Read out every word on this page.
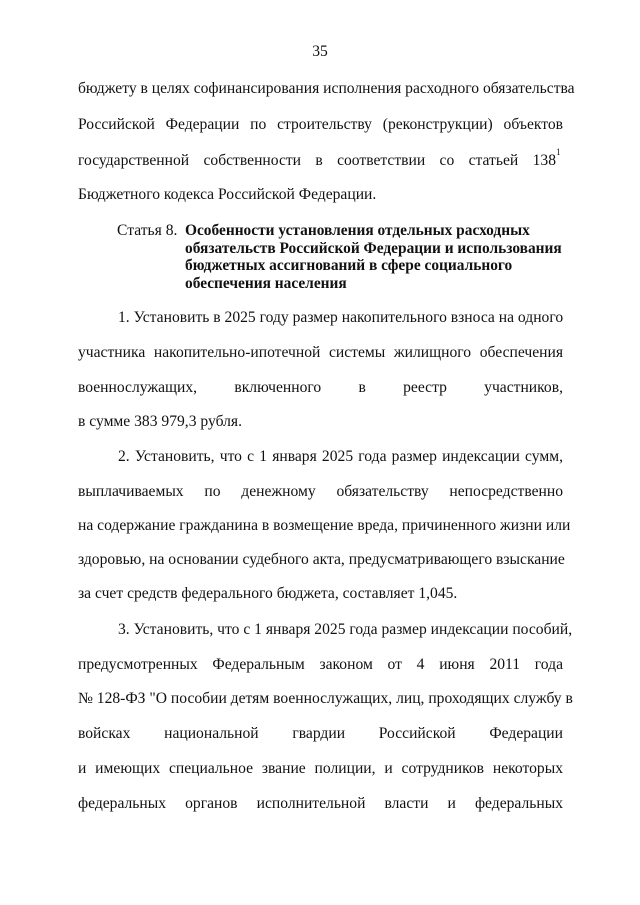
35
бюджету в целях софинансирования исполнения расходного обязательства
Российской Федерации по строительству (реконструкции) объектов
государственной собственности в соответствии со статьей 138 1
Бюджетного кодекса Российской Федерации.
Статья 8. Особенности установления отдельных расходных
обязательств Российской Федерации и использования
бюджетных ассигнований в сфере социального
обеспечения населения
1. Установить в 2025 году размер накопительного взноса на одного
участника накопительно-ипотечной системы жилищного обеспечения
военнослужащих, включенного в реестр участников,
в сумме 383 979,3 рубля.
2. Установить, что с 1 января 2025 года размер индексации сумм,
выплачиваемых по денежному обязательству непосредственно
на содержание гражданина в возмещение вреда, причиненного жизни или
здоровью, на основании судебного акта, предусматривающего взыскание
за счет средств федерального бюджета, составляет 1,045.
3. Установить, что с 1 января 2025 года размер индексации пособий,
предусмотренных Федеральным законом от 4 июня 2011 года
№ 128-ФЗ "О пособии детям военнослужащих, лиц, проходящих службу в
войсках национальной гвардии Российской Федерации
и имеющих специальное звание полиции, и сотрудников некоторых
федеральных органов исполнительной власти и федеральных
